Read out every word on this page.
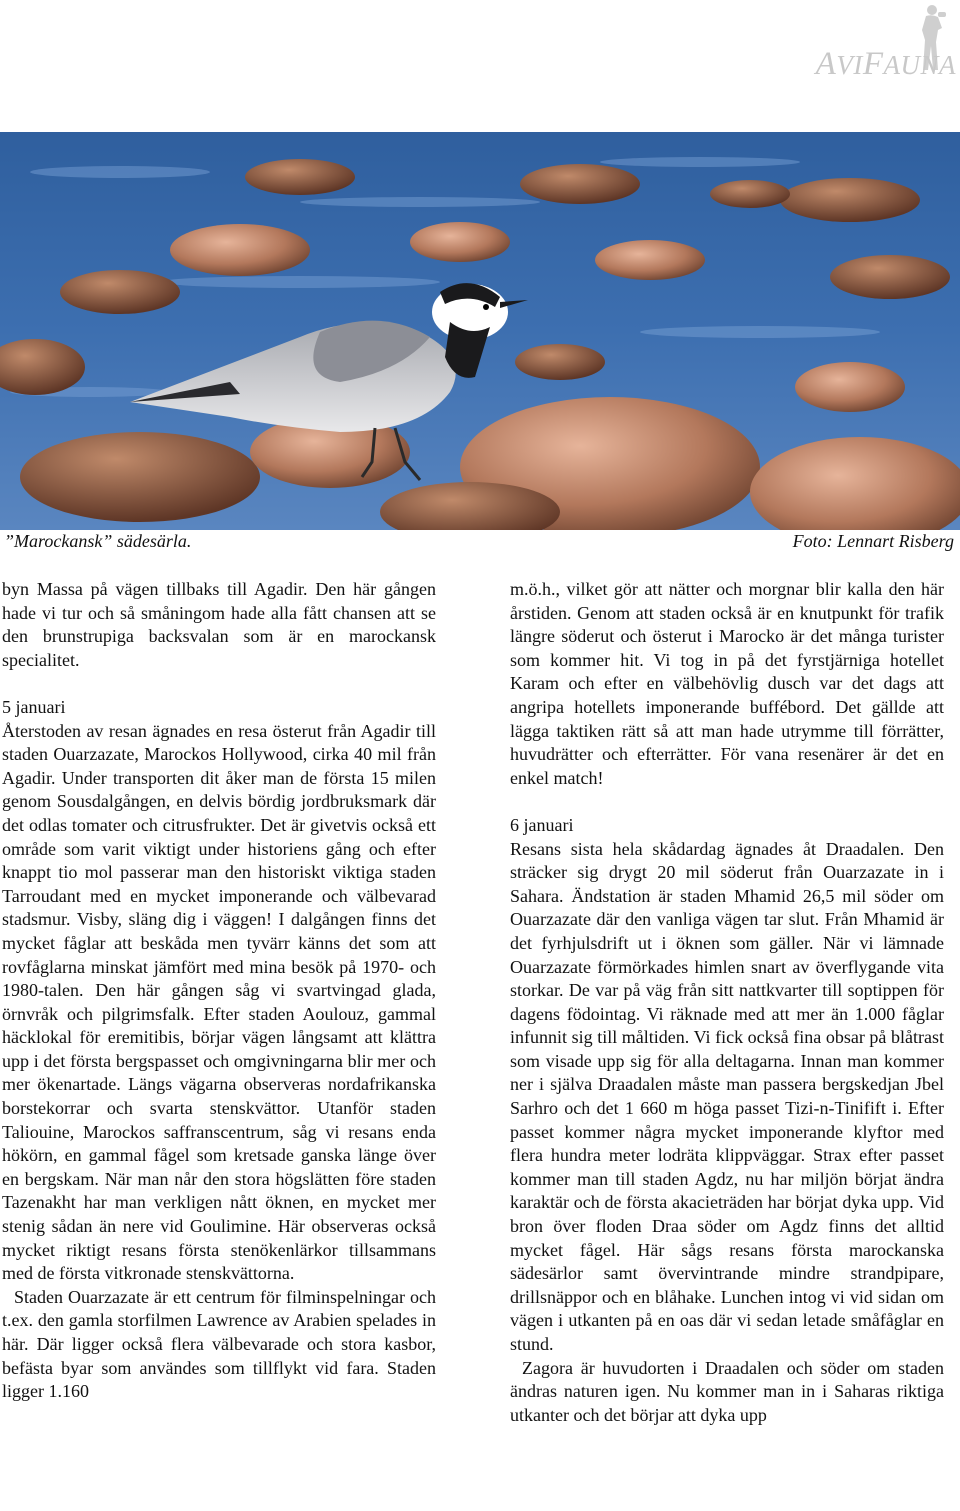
AVIFAUNA
”Marockansk” sädesärla.	Foto: Lennart Risberg

byn Massa på vägen tillbaks till Agadir. Den här gången hade vi tur och så småningom hade alla fått chansen att se den brunstrupiga backsvalan som är en marockansk specialitet.

5 januari

Återstoden av resan ägnades en resa österut från Agadir till staden Ouarzazate, Marockos Hollywood, cirka 40 mil från Agadir. Under transporten dit åker man de första 15 milen genom Sousdalgången, en delvis bördig jordbruksmark där det odlas tomater och citrusfrukter. Det är givetvis också ett område som varit viktigt under historiens gång och efter knappt tio mol passerar man den historiskt viktiga staden Tarroudant med en mycket imponerande och välbevarad stadsmur. Visby, släng dig i väggen! I dalgången finns det mycket fåglar att beskåda men tyvärr känns det som att rovfåglarna minskat jämfört med mina besök på 1970- och 1980-talen. Den här gången såg vi svartvingad glada, örnvråk och pilgrimsfalk. Efter staden Aoulouz, gammal häcklokal för eremitibis, börjar vägen långsamt att klättra upp i det första bergspasset och omgivningarna blir mer och mer ökenartade. Längs vägarna observeras nordafrikanska borstekorrar och svarta stenskvättor. Utanför staden Taliouine, Marockos saffranscentrum, såg vi resans enda hökörn, en gammal fågel som kretsade ganska länge över en bergskam. När man når den stora högslätten före staden Tazenakht har man verkligen nått öknen, en mycket mer stenig sådan än nere vid Goulimine. Här observeras också mycket riktigt resans första stenökenlärkor tillsammans med de första vitkronade stenskvättorna.

Staden Ouarzazate är ett centrum för filminspelningar och t.ex. den gamla storfilmen Lawrence av Arabien spelades in här. Där ligger också flera välbevarade och stora kasbor, befästa byar som användes som tillflykt vid fara. Staden ligger 1.160

m.ö.h., vilket gör att nätter och morgnar blir kalla den här årstiden. Genom att staden också är en knutpunkt för trafik längre söderut och österut i Marocko är det många turister som kommer hit. Vi tog in på det fyrstjärniga hotellet Karam och efter en välbehövlig dusch var det dags att angripa hotellets imponerande buffébord. Det gällde att lägga taktiken rätt så att man hade utrymme till förrätter, huvudrätter och efterrätter. För vana resenärer är det en enkel match!

6 januari

Resans sista hela skådardag ägnades åt Draadalen. Den sträcker sig drygt 20 mil söderut från Ouarzazate in i Sahara. Ändstation är staden Mhamid 26,5 mil söder om Ouarzazate där den vanliga vägen tar slut. Från Mhamid är det fyrhjulsdrift ut i öknen som gäller. När vi lämnade Ouarzazate förmörkades himlen snart av överflygande vita storkar. De var på väg från sitt nattkvarter till soptippen för dagens födointag. Vi räknade med att mer än 1.000 fåglar infunnit sig till måltiden. Vi fick också fina obsar på blåtrast som visade upp sig för alla deltagarna. Innan man kommer ner i själva Draadalen måste man passera bergskedjan Jbel Sarhro och det 1 660 m höga passet Tizi-n-Tinifift i. Efter passet kommer några mycket imponerande klyftor med flera hundra meter lodräta klippväggar. Strax efter passet kommer man till staden Agdz, nu har miljön börjat ändra karaktär och de första akacieträden har börjat dyka upp. Vid bron över floden Draa söder om Agdz finns det alltid mycket fågel. Här sågs resans första marockanska sädesärlor samt övervintrande mindre strandpipare, drillsnäppor och en blåhake. Lunchen intog vi vid sidan om vägen i utkanten på en oas där vi sedan letade småfåglar en stund.

Zagora är huvudorten i Draadalen och söder om staden ändras naturen igen. Nu kommer man in i Saharas riktiga utkanter och det börjar att dyka upp
